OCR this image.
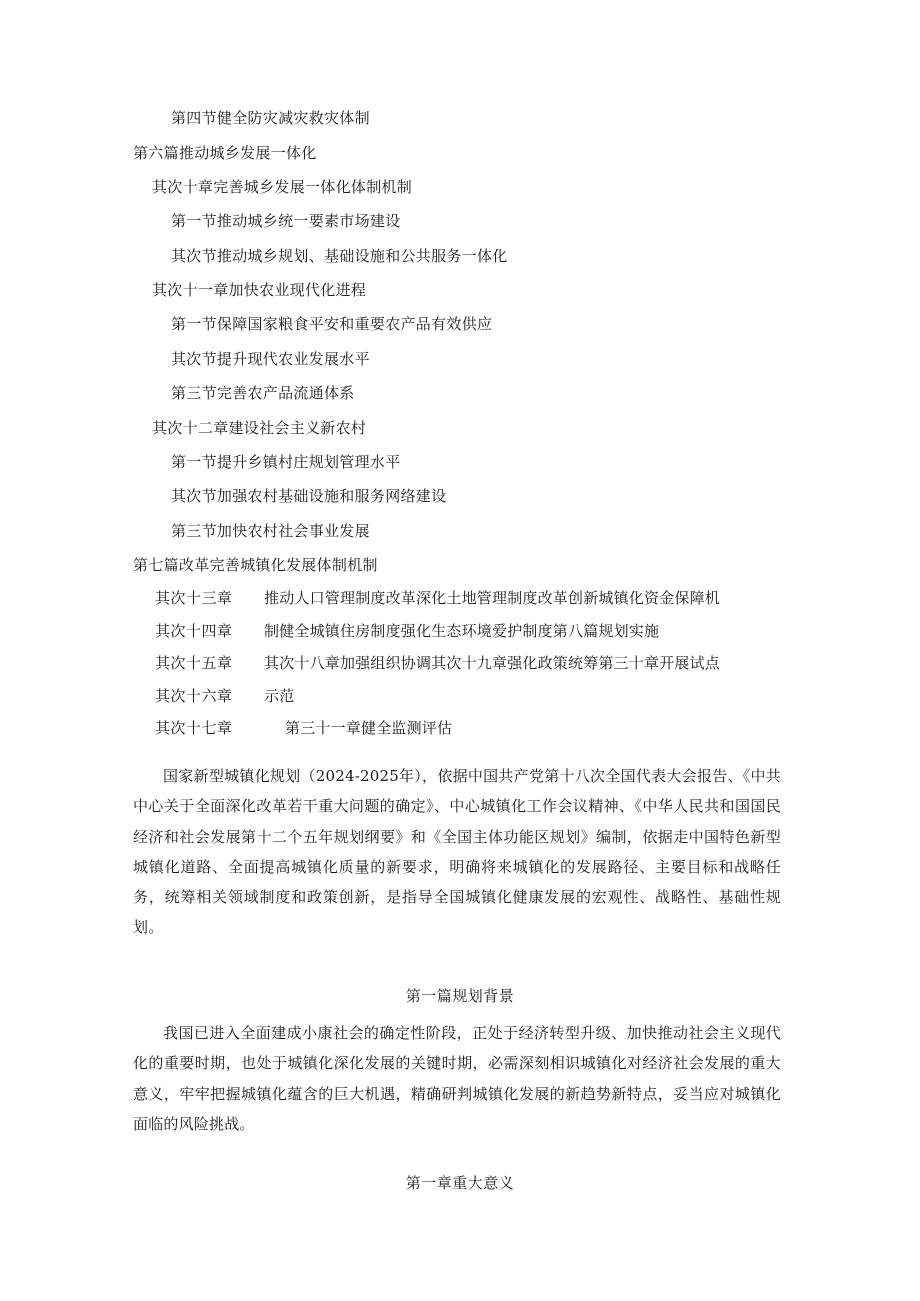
第四节健全防灾减灾救灾体制
第六篇推动城乡发展一体化
其次十章完善城乡发展一体化体制机制
第一节推动城乡统一要素市场建设
其次节推动城乡规划、基础设施和公共服务一体化
其次十一章加快农业现代化进程
第一节保障国家粮食平安和重要农产品有效供应
其次节提升现代农业发展水平
第三节完善农产品流通体系
其次十二章建设社会主义新农村
第一节提升乡镇村庄规划管理水平
其次节加强农村基础设施和服务网络建设
第三节加快农村社会事业发展
第七篇改革完善城镇化发展体制机制
其次十三章 推动人口管理制度改革深化土地管理制度改革创新城镇化资金保障机
其次十四章 制健全城镇住房制度强化生态环境爱护制度第八篇规划实施
其次十五章 其次十八章加强组织协调其次十九章强化政策统筹第三十章开展试点
其次十六章 示范
其次十七章	第三十一章健全监测评估

国家新型城镇化规划（2024-2025年），依据中国共产党第十八次全国代表大会报告、《中共中心关于全面深化改革若干重大问题的确定》、中心城镇化工作会议精神、《中华人民共和国国民经济和社会发展第十二个五年规划纲要》和《全国主体功能区规划》编制，依据走中国特色新型城镇化道路、全面提高城镇化质量的新要求，明确将来城镇化的发展路径、主要目标和战略任务，统筹相关领域制度和政策创新，是指导全国城镇化健康发展的宏观性、战略性、基础性规划。

第一篇规划背景

我国已进入全面建成小康社会的确定性阶段，正处于经济转型升级、加快推动社会主义现代化的重要时期，也处于城镇化深化发展的关键时期，必需深刻相识城镇化对经济社会发展的重大意义，牢牢把握城镇化蕴含的巨大机遇，精确研判城镇化发展的新趋势新特点，妥当应对城镇化面临的风险挑战。

第一章重大意义
